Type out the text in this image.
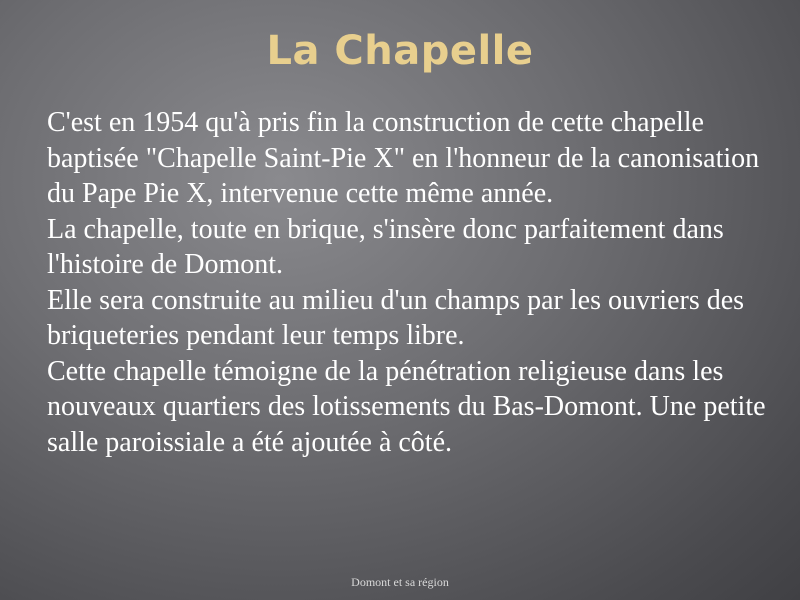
La Chapelle

C'est en 1954 qu'à pris fin la construction de cette chapelle baptisée "Chapelle Saint-Pie X" en l'honneur de la canonisation du Pape Pie X, intervenue cette même année.

La chapelle, toute en brique, s'insère donc parfaitement dans l'histoire de Domont.

Elle sera construite au milieu d'un champs par les ouvriers des briqueteries pendant leur temps libre.

Cette chapelle témoigne de la pénétration religieuse dans les nouveaux quartiers des lotissements du Bas-Domont. Une petite salle paroissiale a été ajoutée à côté.

Domont et sa région
